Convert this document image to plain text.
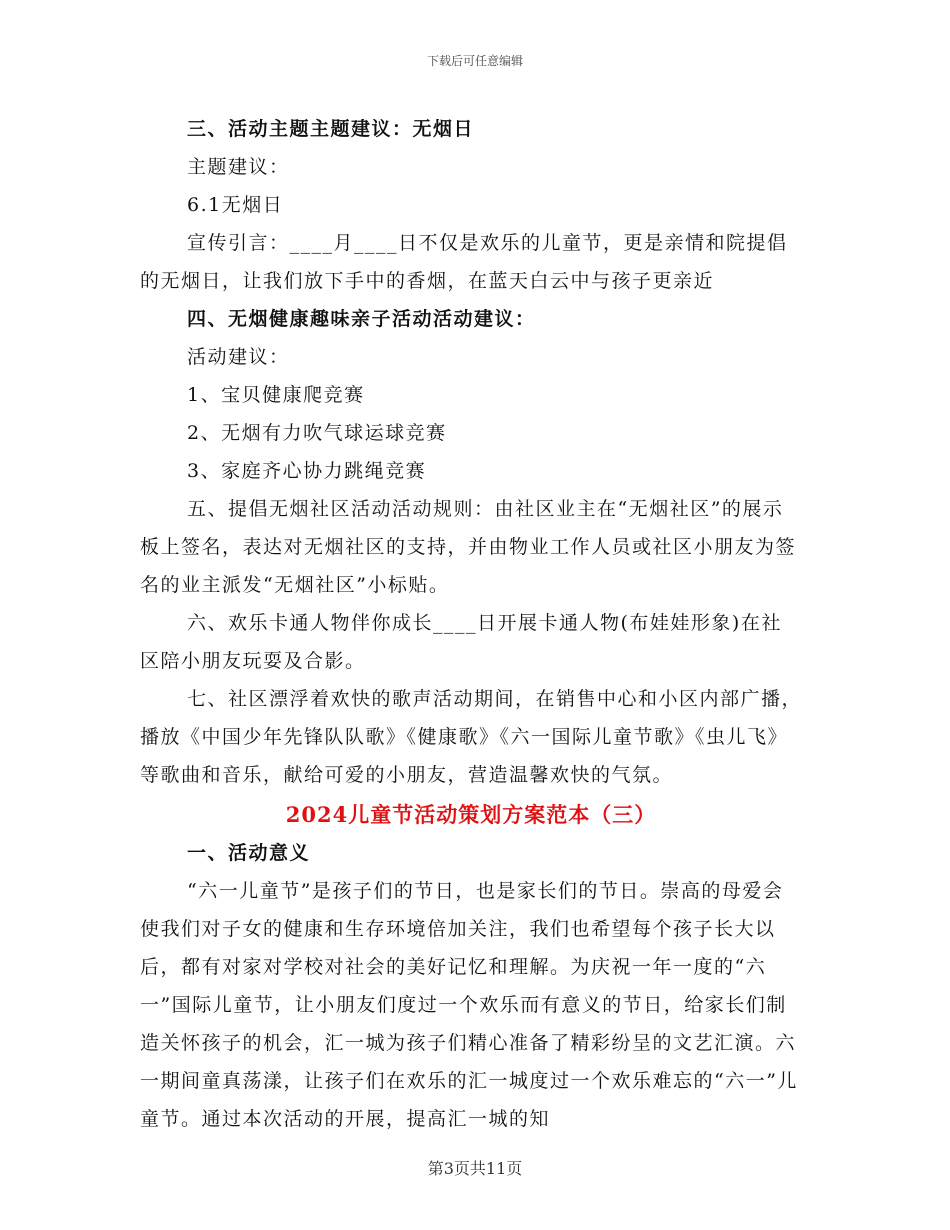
下载后可任意编辑

三、活动主题主题建议：无烟日

主题建议：

6.1无烟日

宣传引言：____月____日不仅是欢乐的儿童节，更是亲情和院提倡的无烟日，让我们放下手中的香烟，在蓝天白云中与孩子更亲近

四、无烟健康趣味亲子活动活动建议：

活动建议：

1、宝贝健康爬竞赛

2、无烟有力吹气球运球竞赛

3、家庭齐心协力跳绳竞赛

五、提倡无烟社区活动活动规则：由社区业主在“无烟社区”的展示板上签名，表达对无烟社区的支持，并由物业工作人员或社区小朋友为签名的业主派发“无烟社区”小标贴。

六、欢乐卡通人物伴你成长____日开展卡通人物(布娃娃形象)在社区陪小朋友玩耍及合影。

七、社区漂浮着欢快的歌声活动期间，在销售中心和小区内部广播，播放《中国少年先锋队队歌》《健康歌》《六一国际儿童节歌》《虫儿飞》等歌曲和音乐，献给可爱的小朋友，营造温馨欢快的气氛。

2024儿童节活动策划方案范本（三）

一、活动意义

“六一儿童节”是孩子们的节日，也是家长们的节日。崇高的母爱会使我们对子女的健康和生存环境倍加关注，我们也希望每个孩子长大以后，都有对家对学校对社会的美好记忆和理解。为庆祝一年一度的“六一”国际儿童节，让小朋友们度过一个欢乐而有意义的节日，给家长们制造关怀孩子的机会，汇一城为孩子们精心准备了精彩纷呈的文艺汇演。六一期间童真荡漾，让孩子们在欢乐的汇一城度过一个欢乐难忘的“六一”儿童节。通过本次活动的开展，提高汇一城的知

第3页共11页
